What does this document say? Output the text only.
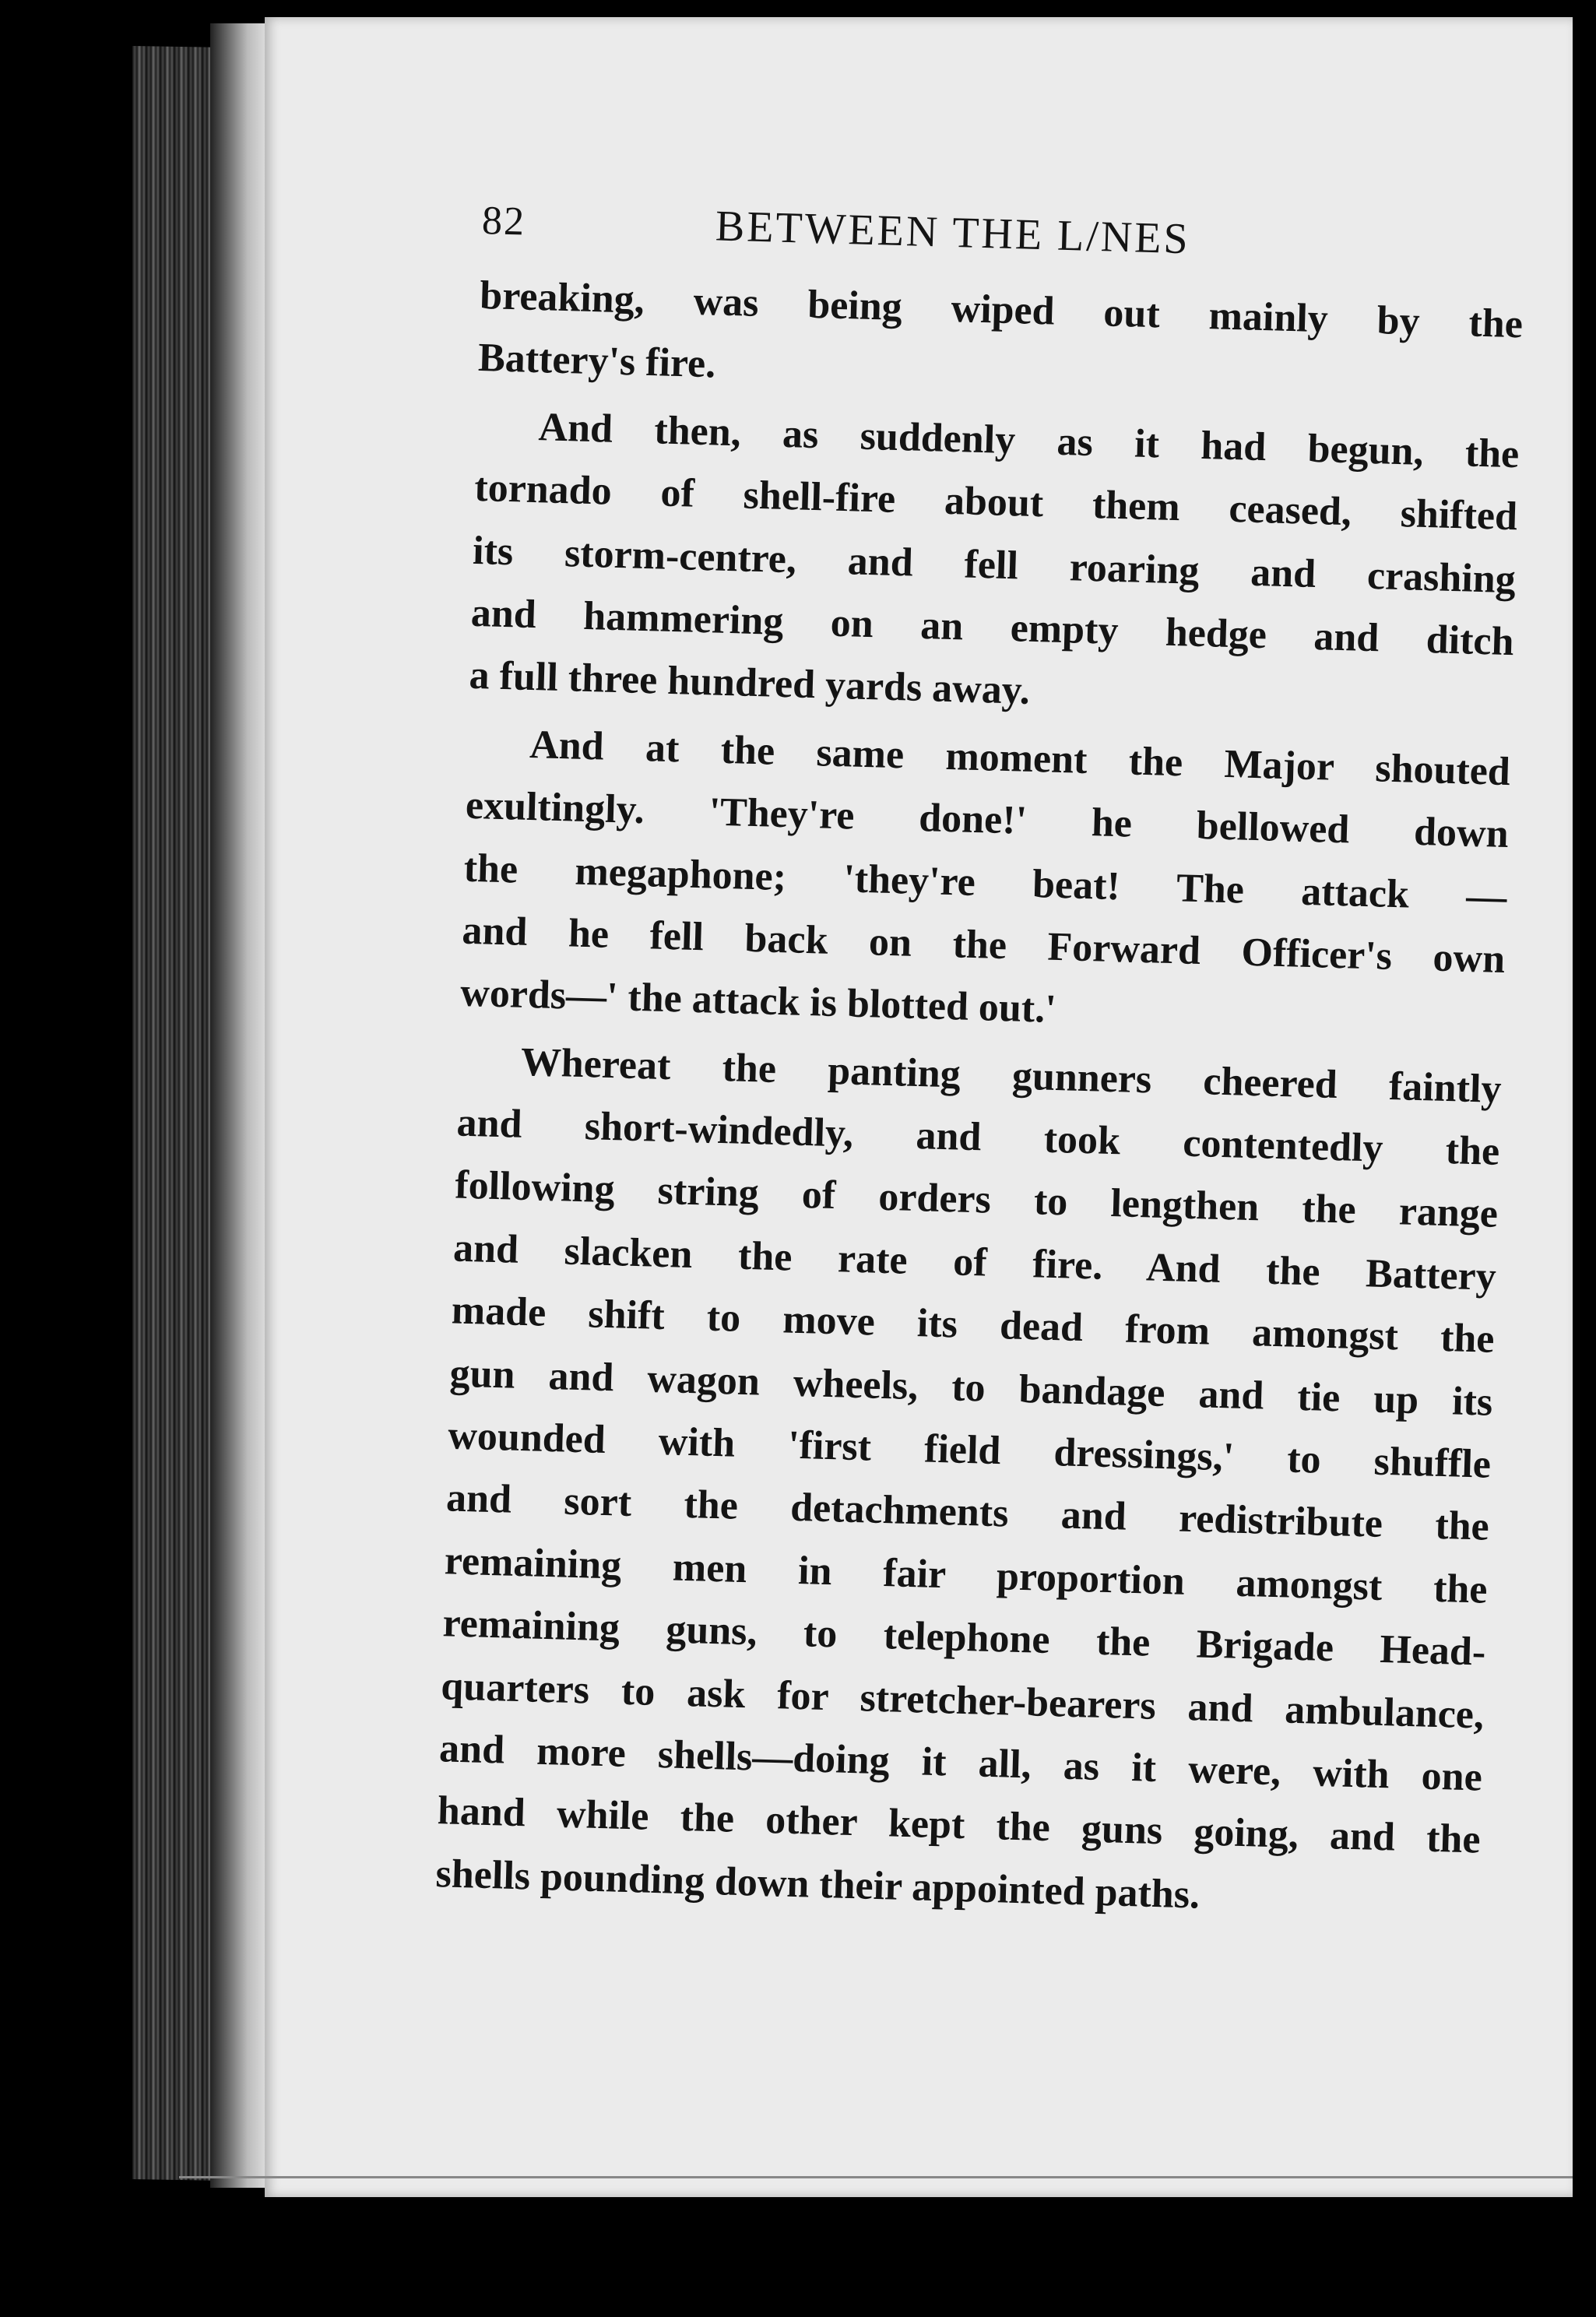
82	BETWEEN THE L/NES
breaking, was being wiped out mainly by the
Battery's fire.
And then, as suddenly as it had begun, the
tornado of shell-fire about them ceased, shifted
its storm-centre, and fell roaring and crashing
and hammering on an empty hedge and ditch
a full three hundred yards away.
And at the same moment the Major shouted
exultingly. 'They're done!' he bellowed down
the megaphone; 'they're beat! The attack —
and he fell back on the Forward Officer's own
words—' the attack is blotted out.'
Whereat the panting gunners cheered faintly
and short-windedly, and took contentedly the
following string of orders to lengthen the range
and slacken the rate of fire. And the Battery
made shift to move its dead from amongst the
gun and wagon wheels, to bandage and tie up its
wounded with 'first field dressings,' to shuffle
and sort the detachments and redistribute the
remaining men in fair proportion amongst the
remaining guns, to telephone the Brigade Head-
quarters to ask for stretcher-bearers and ambulance,
and more shells—doing it all, as it were, with one
hand while the other kept the guns going, and the
shells pounding down their appointed paths.
